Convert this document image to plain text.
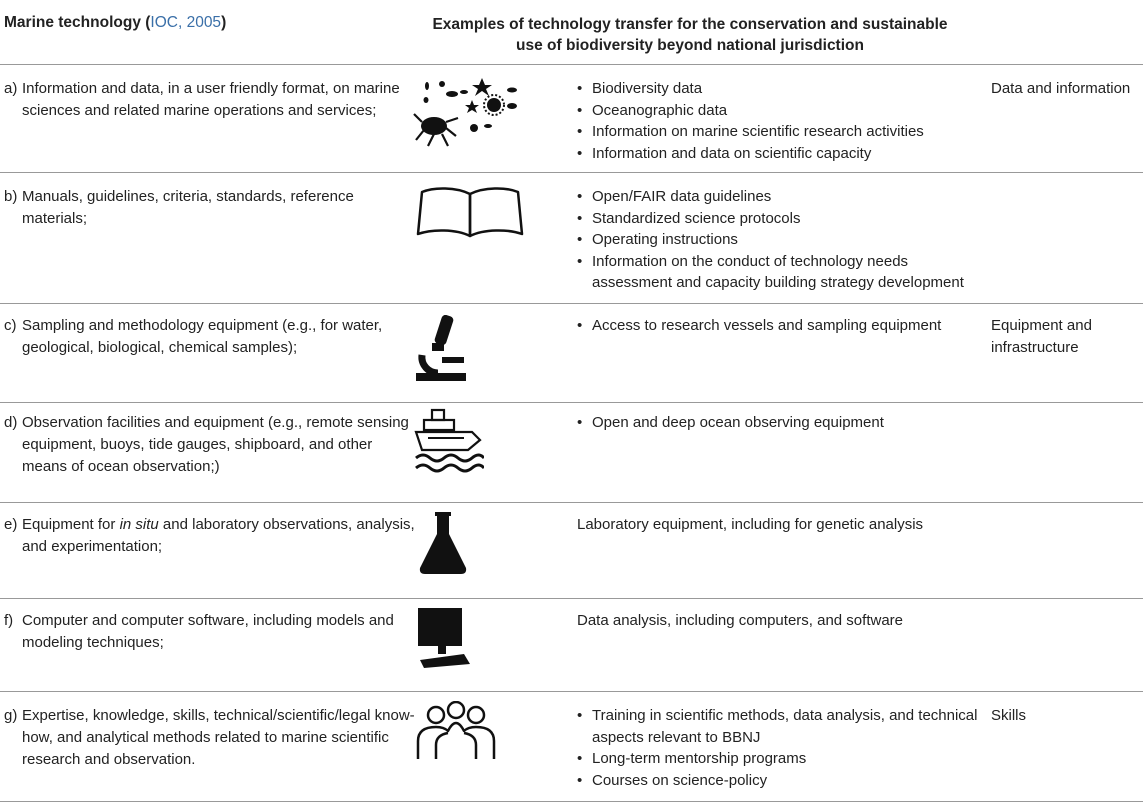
Marine technology (IOC, 2005)	Examples of technology transfer for the conservation and sustainable
use of biodiversity beyond national jurisdiction
a) Information and data, in a user friendly format, on marine sciences and related marine operations and services;
• Biodiversity data
• Oceanographic data
• Information on marine scientific research activities
• Information and data on scientific capacity
Data and information
b) Manuals, guidelines, criteria, standards, reference materials;
• Open/FAIR data guidelines
• Standardized science protocols
• Operating instructions
• Information on the conduct of technology needs assessment and capacity building strategy development
c) Sampling and methodology equipment (e.g., for water, geological, biological, chemical samples);
• Access to research vessels and sampling equipment	Equipment and infrastructure
d) Observation facilities and equipment (e.g., remote sensing equipment, buoys, tide gauges, shipboard, and other means of ocean observation;)
• Open and deep ocean observing equipment
e) Equipment for in situ and laboratory observations, analysis, and experimentation;
Laboratory equipment, including for genetic analysis
f) Computer and computer software, including models and modeling techniques;
Data analysis, including computers, and software
g) Expertise, knowledge, skills, technical/scientific/legal know-how, and analytical methods related to marine scientific research and observation.
• Training in scientific methods, data analysis, and technical aspects relevant to BBNJ
• Long-term mentorship programs
• Courses on science-policy
Skills
